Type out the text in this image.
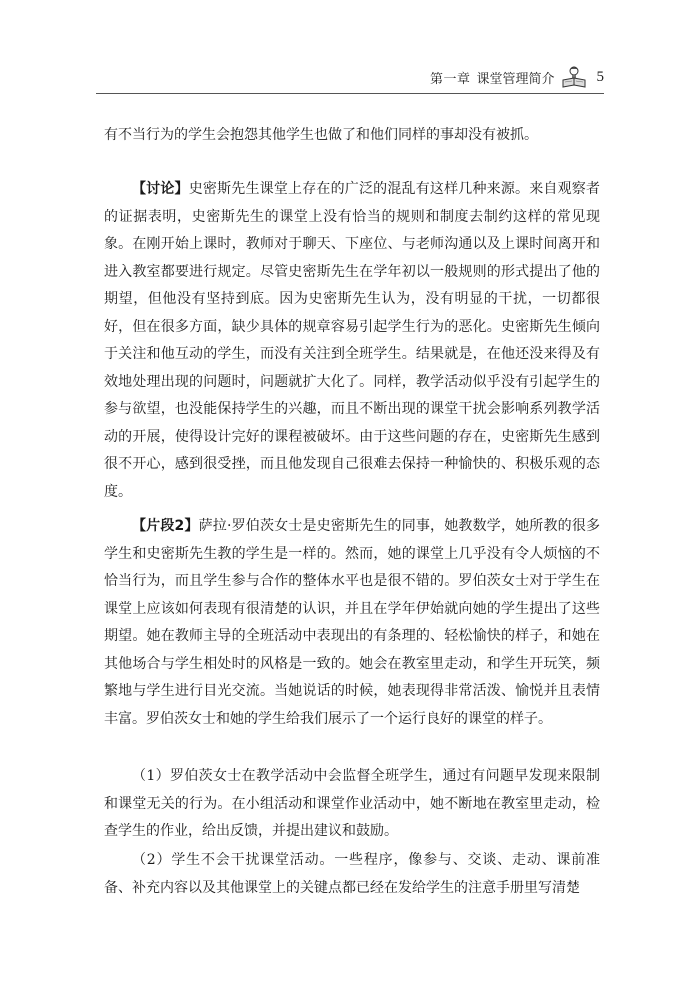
第一章 课堂管理简介	5
有不当行为的学生会抱怨其他学生也做了和他们同样的事却没有被抓。
【讨论】史密斯先生课堂上存在的广泛的混乱有这样几种来源。来自观察者的证据表明，史密斯先生的课堂上没有恰当的规则和制度去制约这样的常见现象。在刚开始上课时，教师对于聊天、下座位、与老师沟通以及上课时间离开和进入教室都要进行规定。尽管史密斯先生在学年初以一般规则的形式提出了他的期望，但他没有坚持到底。因为史密斯先生认为，没有明显的干扰，一切都很好，但在很多方面，缺少具体的规章容易引起学生行为的恶化。史密斯先生倾向于关注和他互动的学生，而没有关注到全班学生。结果就是，在他还没来得及有效地处理出现的问题时，问题就扩大化了。同样，教学活动似乎没有引起学生的参与欲望，也没能保持学生的兴趣，而且不断出现的课堂干扰会影响系列教学活动的开展，使得设计完好的课程被破坏。由于这些问题的存在，史密斯先生感到很不开心，感到很受挫，而且他发现自己很难去保持一种愉快的、积极乐观的态度。
【片段2】萨拉·罗伯茨女士是史密斯先生的同事，她教数学，她所教的很多学生和史密斯先生教的学生是一样的。然而，她的课堂上几乎没有令人烦恼的不恰当行为，而且学生参与合作的整体水平也是很不错的。罗伯茨女士对于学生在课堂上应该如何表现有很清楚的认识，并且在学年伊始就向她的学生提出了这些期望。她在教师主导的全班活动中表现出的有条理的、轻松愉快的样子，和她在其他场合与学生相处时的风格是一致的。她会在教室里走动，和学生开玩笑，频繁地与学生进行目光交流。当她说话的时候，她表现得非常活泼、愉悦并且表情丰富。罗伯茨女士和她的学生给我们展示了一个运行良好的课堂的样子。
（1）罗伯茨女士在教学活动中会监督全班学生，通过有问题早发现来限制和课堂无关的行为。在小组活动和课堂作业活动中，她不断地在教室里走动，检查学生的作业，给出反馈，并提出建议和鼓励。
（2）学生不会干扰课堂活动。一些程序，像参与、交谈、走动、课前准备、补充内容以及其他课堂上的关键点都已经在发给学生的注意手册里写清楚
